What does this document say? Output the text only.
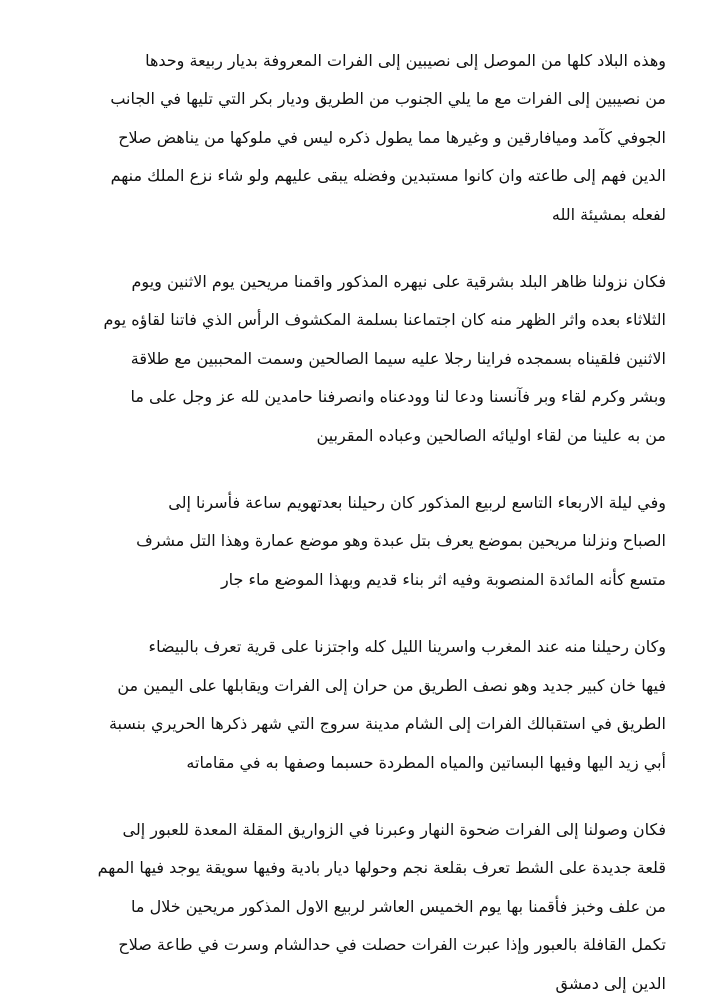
وهذه البلاد كلها من الموصل إلى نصيبين إلى الفرات المعروفة بديار ربيعة وحدها
من نصيبين إلى الفرات مع ما يلي الجنوب من الطريق وديار بكر التي تليها في الجانب
الجوفي كآمد وميافارقين و وغيرها مما يطول ذكره ليس في ملوكها من يناهض صلاح
الدين فهم إلى طاعته وان كانوا مستبدين وفضله يبقى عليهم ولو شاء نزع الملك منهم
لفعله بمشيئة الله

فكان نزولنا ظاهر البلد بشرقية على نيهره المذكور واقمنا مريحين يوم الاثنين ويوم
الثلاثاء بعده واثر الظهر منه كان اجتماعنا بسلمة المكشوف الرأس الذي فاتنا لقاؤه يوم
الاثنين فلقيناه بسمجده فراينا رجلا عليه سيما الصالحين وسمت المحببين مع طلاقة
وبشر وكرم لقاء وبر فآنسنا ودعا لنا وودعناه وانصرفنا حامدين لله عز وجل على ما
من به علينا من لقاء اوليائه الصالحين وعباده المقربين

وفي ليلة الاربعاء التاسع لربيع المذكور كان رحيلنا بعدتهويم ساعة فأسرنا إلى
الصباح ونزلنا مريحين بموضع يعرف بتل عبدة وهو موضع عمارة وهذا التل مشرف
متسع كأنه المائدة المنصوبة وفيه اثر بناء قديم وبهذا الموضع ماء جار

وكان رحيلنا منه عند المغرب واسرينا الليل كله واجتزنا على قرية تعرف بالبيضاء
فيها خان كبير جديد وهو نصف الطريق من حران إلى الفرات ويقابلها على اليمين من
الطريق في استقبالك الفرات إلى الشام مدينة سروج التي شهر ذكرها الحريري بنسبة
أبي زيد اليها وفيها البساتين والمياه المطردة حسبما وصفها به في مقاماته

فكان وصولنا إلى الفرات ضحوة النهار وعبرنا في الزواريق المقلة المعدة للعبور إلى
قلعة جديدة على الشط تعرف بقلعة نجم وحولها ديار بادية وفيها سويقة يوجد فيها المهم
من علف وخبز فأقمنا بها يوم الخميس العاشر لربيع الاول المذكور مريحين خلال ما
تكمل القافلة بالعبور وإذا عبرت الفرات حصلت في حدالشام وسرت في طاعة صلاح
الدين إلى دمشق
